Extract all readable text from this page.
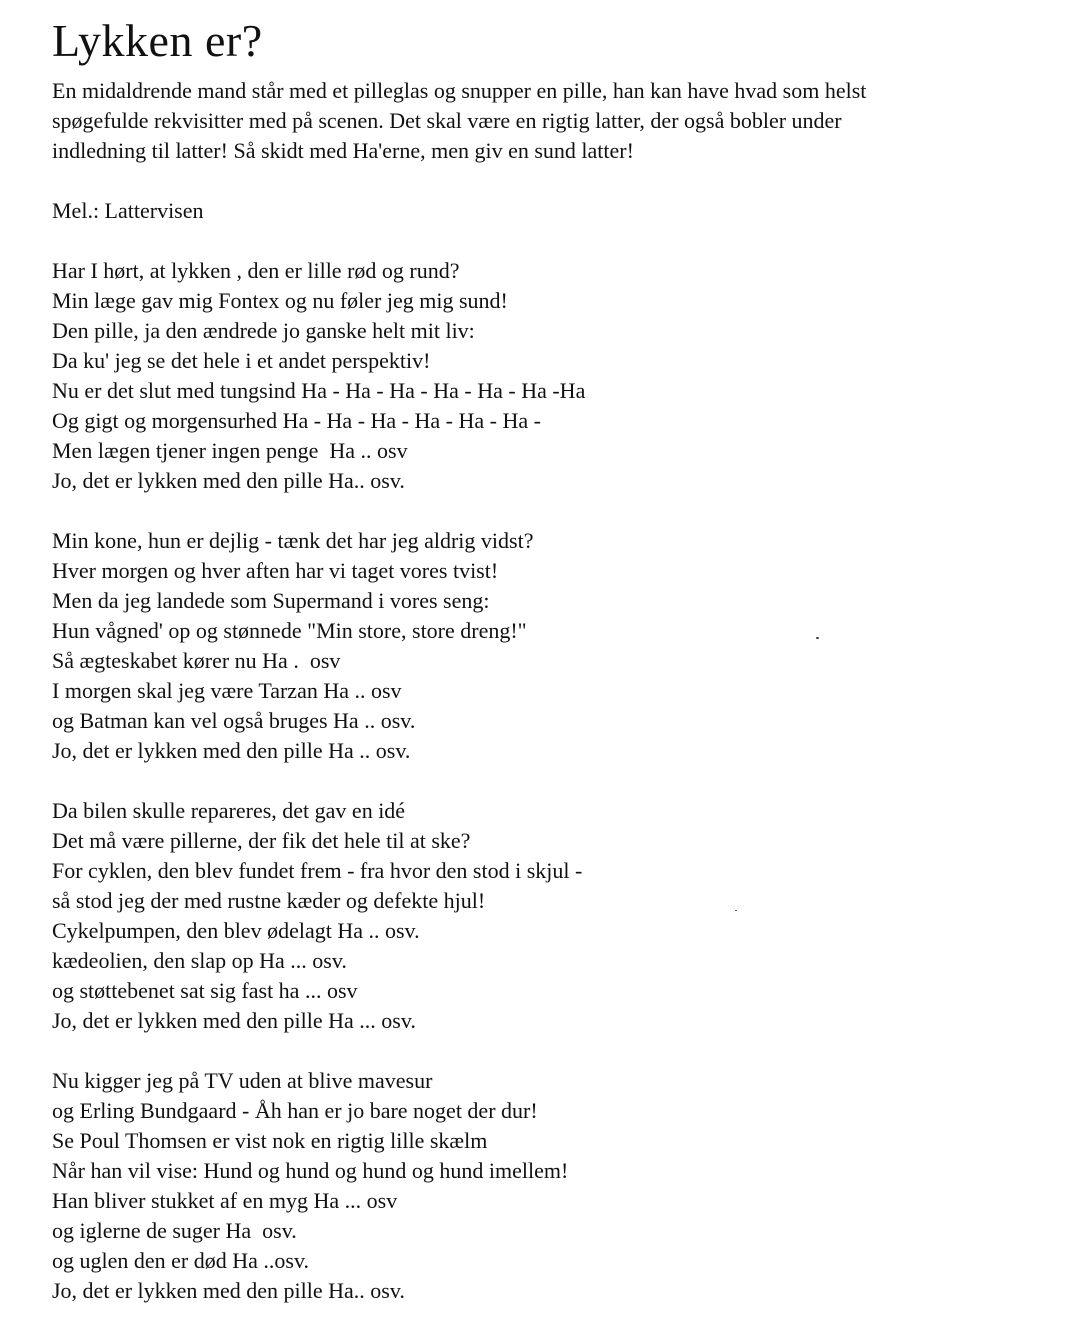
Lykken er?

En midaldrende mand står med et pilleglas og snupper en pille, han kan have hvad som helst

spøgefulde rekvisitter med på scenen. Det skal være en rigtig latter, der også bobler under

indledning til latter! Så skidt med Ha'erne, men giv en sund latter!

Mel.: Lattervisen

Har I hørt, at lykken , den er lille rød og rund?

Min læge gav mig Fontex og nu føler jeg mig sund!

Den pille, ja den ændrede jo ganske helt mit liv:

Da ku' jeg se det hele i et andet perspektiv!

Nu er det slut med tungsind Ha - Ha - Ha - Ha - Ha - Ha -Ha

Og gigt og morgensurhed Ha - Ha - Ha - Ha - Ha - Ha -

Men lægen tjener ingen penge  Ha .. osv

Jo, det er lykken med den pille Ha.. osv.

Min kone, hun er dejlig - tænk det har jeg aldrig vidst?

Hver morgen og hver aften har vi taget vores tvist!

Men da jeg landede som Supermand i vores seng:

Hun vågned' op og stønnede "Min store, store dreng!"

Så ægteskabet kører nu Ha .  osv

I morgen skal jeg være Tarzan Ha .. osv

og Batman kan vel også bruges Ha .. osv.

Jo, det er lykken med den pille Ha .. osv.

Da bilen skulle repareres, det gav en idé

Det må være pillerne, der fik det hele til at ske?

For cyklen, den blev fundet frem - fra hvor den stod i skjul -

så stod jeg der med rustne kæder og defekte hjul!

Cykelpumpen, den blev ødelagt Ha .. osv.

kædeolien, den slap op Ha ... osv.

og støttebenet sat sig fast ha ... osv

Jo, det er lykken med den pille Ha ... osv.

Nu kigger jeg på TV uden at blive mavesur

og Erling Bundgaard - Åh han er jo bare noget der dur!

Se Poul Thomsen er vist nok en rigtig lille skælm

Når han vil vise: Hund og hund og hund og hund imellem!

Han bliver stukket af en myg Ha ... osv

og iglerne de suger Ha  osv.

og uglen den er død Ha ..osv.

Jo, det er lykken med den pille Ha.. osv.
